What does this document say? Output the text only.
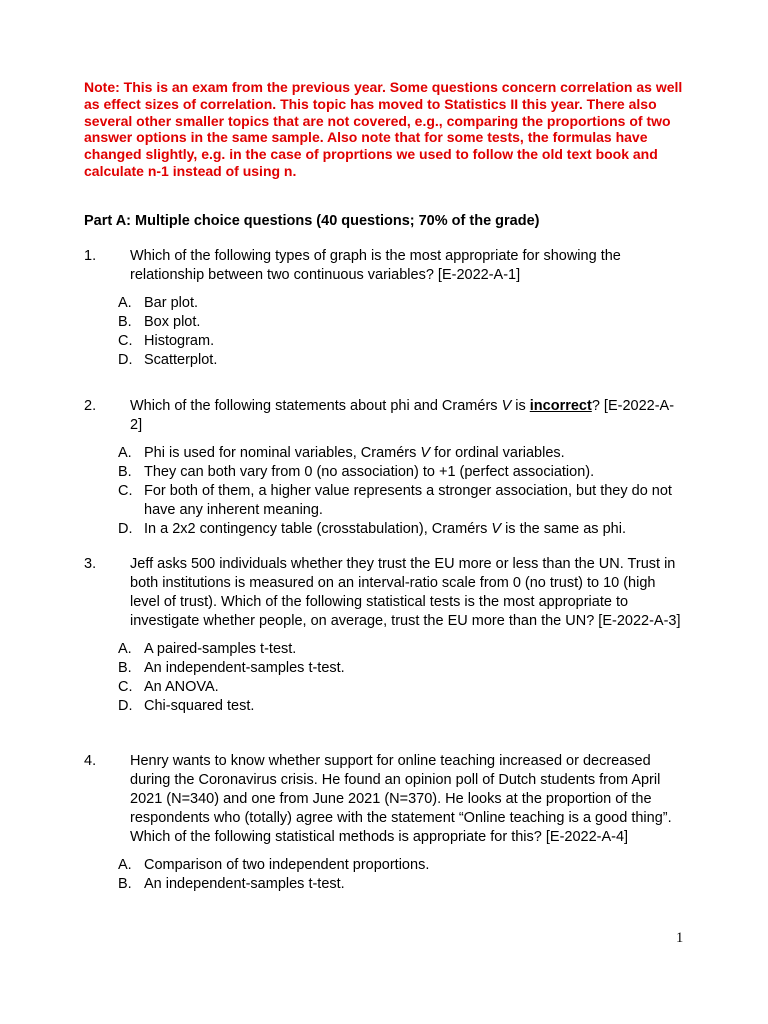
Note: This is an exam from the previous year. Some questions concern correlation as well as effect sizes of correlation. This topic has moved to Statistics II this year. There also several other smaller topics that are not covered, e.g., comparing the proportions of two answer options in the same sample. Also note that for some tests, the formulas have changed slightly, e.g. in the case of proprtions we used to follow the old text book and calculate n-1 instead of using n.

Part A: Multiple choice questions (40 questions; 70% of the grade)

1. Which of the following types of graph is the most appropriate for showing the relationship between two continuous variables? [E-2022-A-1]
A. Bar plot.
B. Box plot.
C. Histogram.
D. Scatterplot.
2. Which of the following statements about phi and Cramérs V is incorrect? [E-2022-A-2]
A. Phi is used for nominal variables, Cramérs V for ordinal variables.
B. They can both vary from 0 (no association) to +1 (perfect association).
C. For both of them, a higher value represents a stronger association, but they do not have any inherent meaning.
D. In a 2x2 contingency table (crosstabulation), Cramérs V is the same as phi.
3. Jeff asks 500 individuals whether they trust the EU more or less than the UN. Trust in both institutions is measured on an interval-ratio scale from 0 (no trust) to 10 (high level of trust). Which of the following statistical tests is the most appropriate to investigate whether people, on average, trust the EU more than the UN? [E-2022-A-3]
A. A paired-samples t-test.
B. An independent-samples t-test.
C. An ANOVA.
D. Chi-squared test.
4. Henry wants to know whether support for online teaching increased or decreased during the Coronavirus crisis. He found an opinion poll of Dutch students from April 2021 (N=340) and one from June 2021 (N=370). He looks at the proportion of the respondents who (totally) agree with the statement “Online teaching is a good thing”. Which of the following statistical methods is appropriate for this? [E-2022-A-4]
A. Comparison of two independent proportions.
B. An independent-samples t-test.
1
